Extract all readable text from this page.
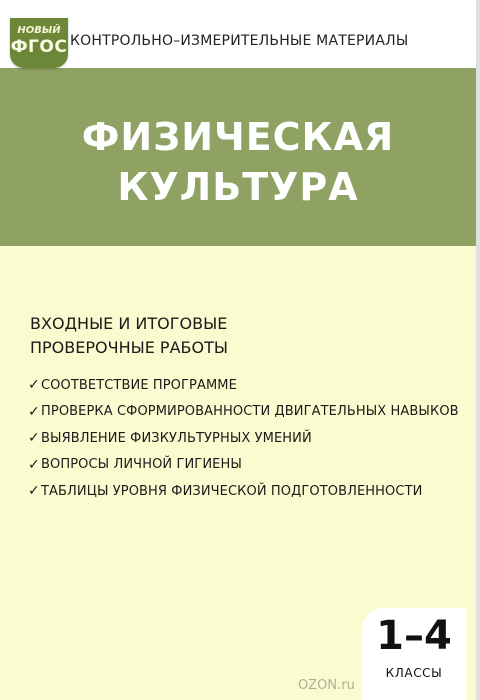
КОНТРОЛЬНО–ИЗМЕРИТЕЛЬНЫЕ МАТЕРИАЛЫ
НОВЫЙ
ФГОС
ФИЗИЧЕСКАЯ
КУЛЬТУРА
ВХОДНЫЕ И ИТОГОВЫЕ
ПРОВЕРОЧНЫЕ РАБОТЫ
✓ СООТВЕТСТВИЕ ПРОГРАММЕ
✓ ПРОВЕРКА СФОРМИРОВАННОСТИ ДВИГАТЕЛЬНЫХ НАВЫКОВ
✓ ВЫЯВЛЕНИЕ ФИЗКУЛЬТУРНЫХ УМЕНИЙ
✓ ВОПРОСЫ ЛИЧНОЙ ГИГИЕНЫ
✓ ТАБЛИЦЫ УРОВНЯ ФИЗИЧЕСКОЙ ПОДГОТОВЛЕННОСТИ
1–4
КЛАССЫ
OZON.ru
